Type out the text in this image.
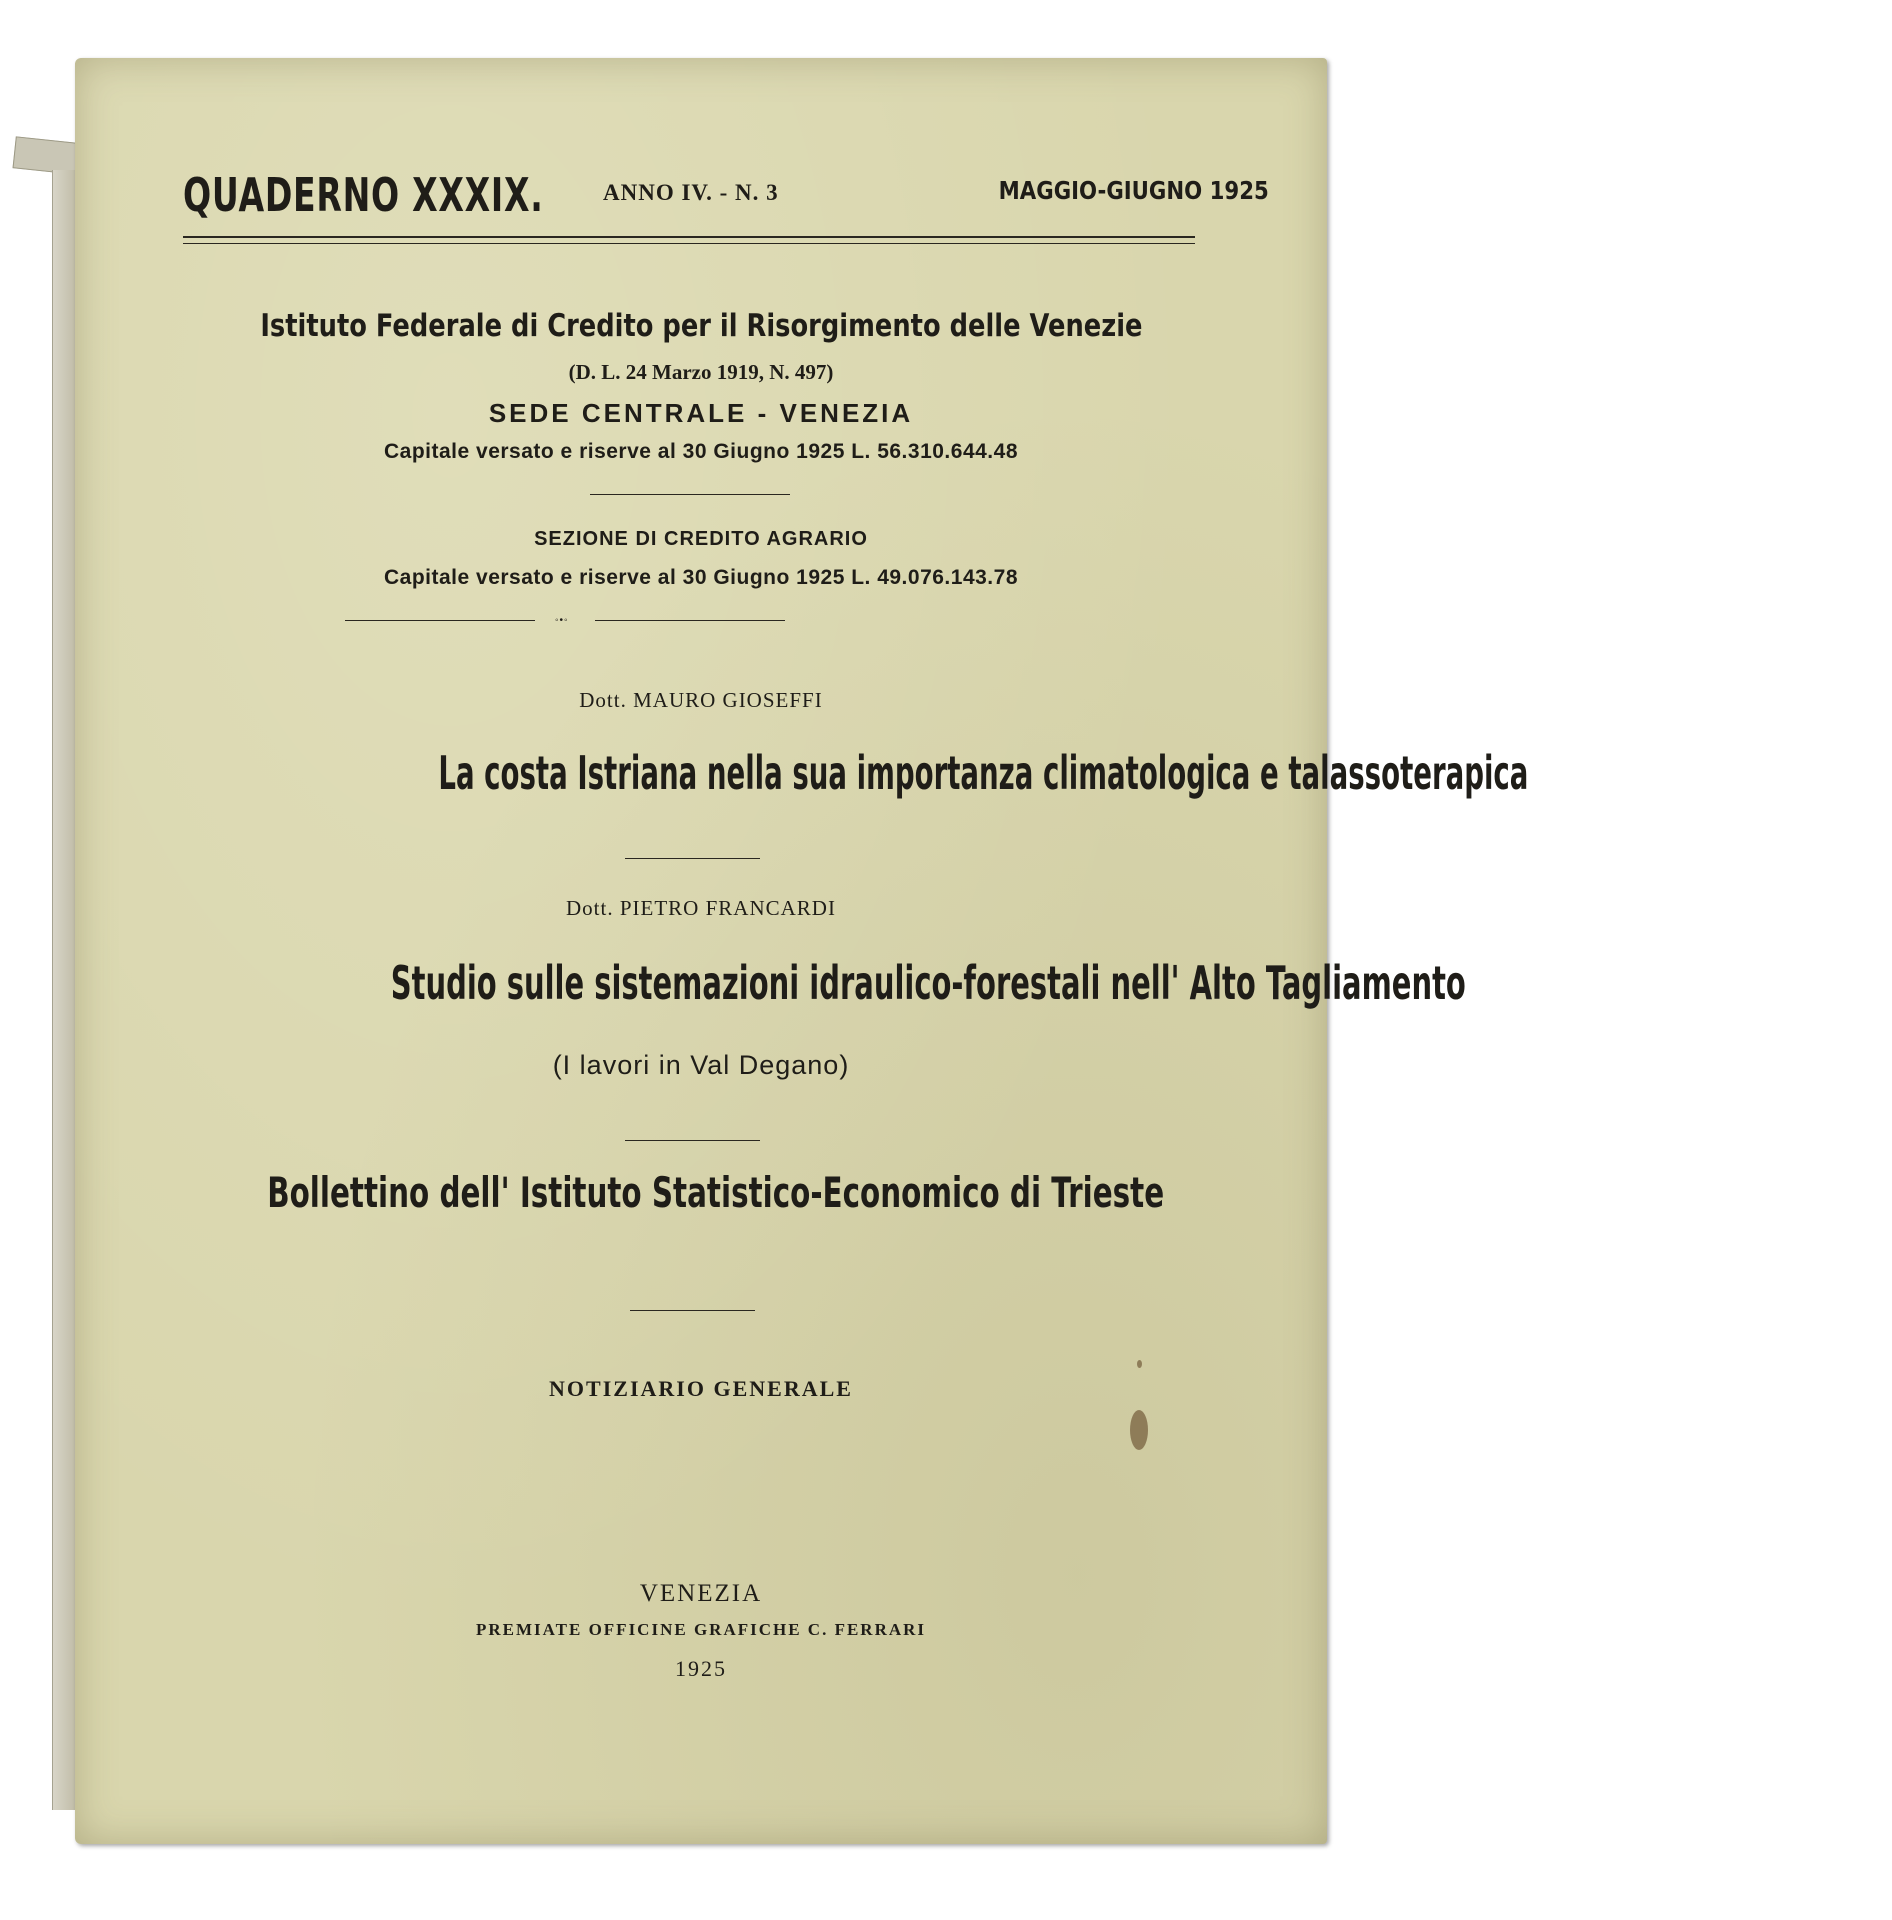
QUADERNO XXXIX.	ANNO IV. - N. 3	MAGGIO-GIUGNO 1925
Istituto Federale di Credito per il Risorgimento delle Venezie
(D. L. 24 Marzo 1919, N. 497)
SEDE CENTRALE - VENEZIA
Capitale versato e riserve al 30 Giugno 1925 L. 56.310.644.48
SEZIONE DI CREDITO AGRARIO
Capitale versato e riserve al 30 Giugno 1925 L. 49.076.143.78
◦•◦
Dott. MAURO GIOSEFFI
La costa Istriana nella sua importanza climatologica e talassoterapica
Dott. PIETRO FRANCARDI
Studio sulle sistemazioni idraulico-forestali nell' Alto Tagliamento
(I lavori in Val Degano)
Bollettino dell' Istituto Statistico-Economico di Trieste
NOTIZIARIO GENERALE
VENEZIA
PREMIATE OFFICINE GRAFICHE C. FERRARI
1925
